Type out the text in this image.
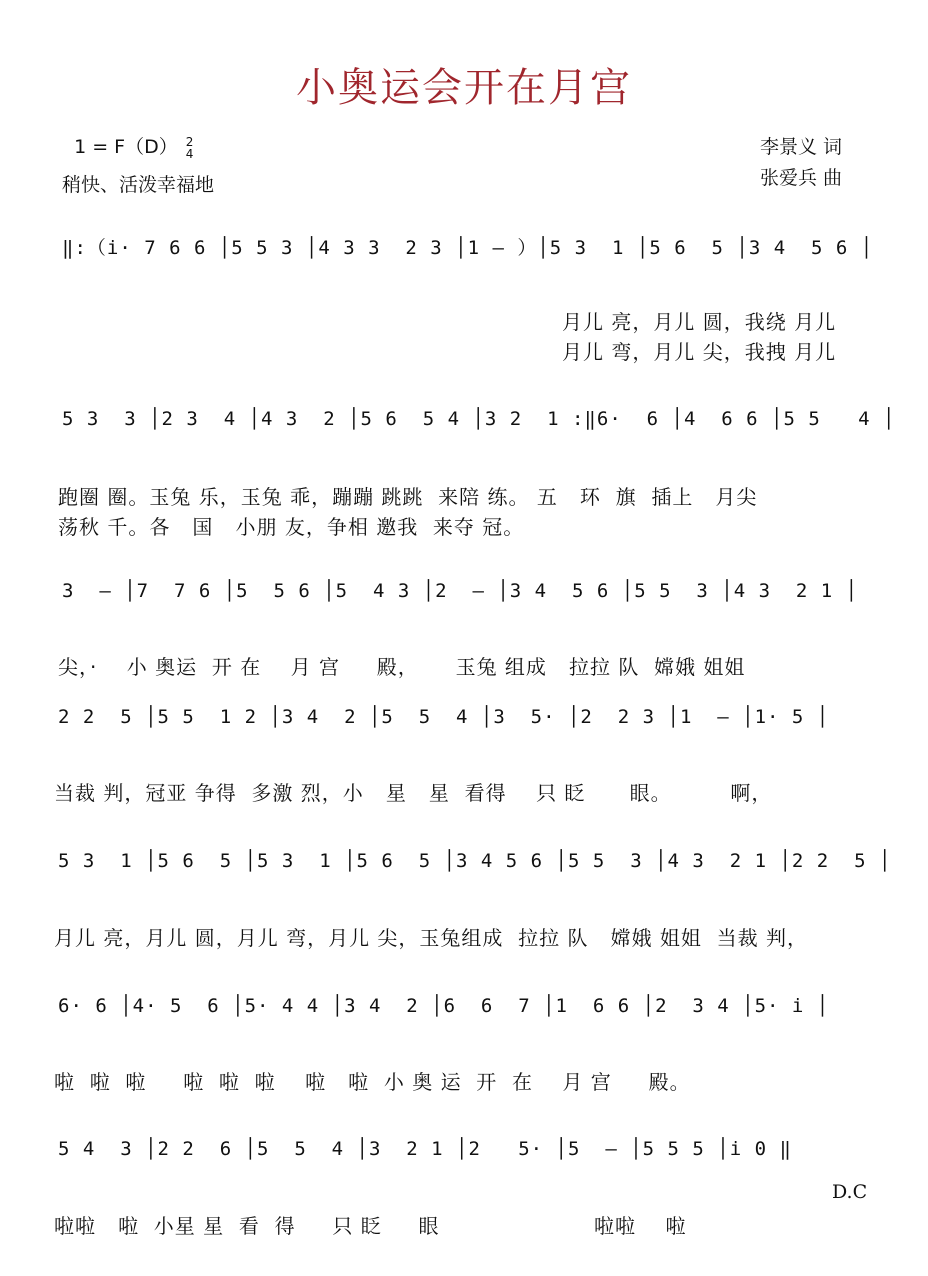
小奥运会开在月宫

1 = F（D） 2
4

稍快、活泼幸福地
李景义 词
张爱兵 曲
‖:（i· 7 6 6 │5 5 3 │4 3 3  2 3 │1 – ）│5 3  1 │5 6  5 │3 4  5 6 │
月儿 亮，月儿 圆，我绕 月儿
月儿 弯，月儿 尖，我拽 月儿
5 3  3 │2 3  4 │4 3  2 │5 6  5 4 │3 2  1 :‖6·  6 │4  6 6 │5 5   4 │
跑圈 圈。玉兔 乐，玉兔 乖，蹦蹦 跳跳  来陪 练。 五   环  旗  插上   月尖
荡秋 千。各   国   小朋 友，争相 邀我  来夺 冠。
3  – │7  7 6 │5  5 6 │5  4 3 │2  – │3 4  5 6 │5 5  3 │4 3  2 1 │
尖，·    小 奥运  开 在    月 宫     殿，     玉兔 组成   拉拉 队  嫦娥 姐姐
2 2  5 │5 5  1 2 │3 4  2 │5  5  4 │3  5· │2  2 3 │1  – │1· 5 │
当裁 判，冠亚 争得  多激 烈，小   星   星  看得    只 眨      眼。        啊，
5 3  1 │5 6  5 │5 3  1 │5 6  5 │3 4 5 6 │5 5  3 │4 3  2 1 │2 2  5 │
月儿 亮，月儿 圆，月儿 弯，月儿 尖，玉兔组成  拉拉 队   嫦娥 姐姐  当裁 判，
6· 6 │4· 5  6 │5· 4 4 │3 4  2 │6  6  7 │1  6 6 │2  3 4 │5· i │
啦  啦  啦     啦  啦  啦    啦   啦  小 奥 运  开  在    月 宫     殿。
5 4  3 │2 2  6 │5  5  4 │3  2 1 │2   5· │5  – │5 5 5 │i 0 ‖
D.C
啦啦   啦  小星 星  看  得     只 眨     眼                     啦啦    啦
